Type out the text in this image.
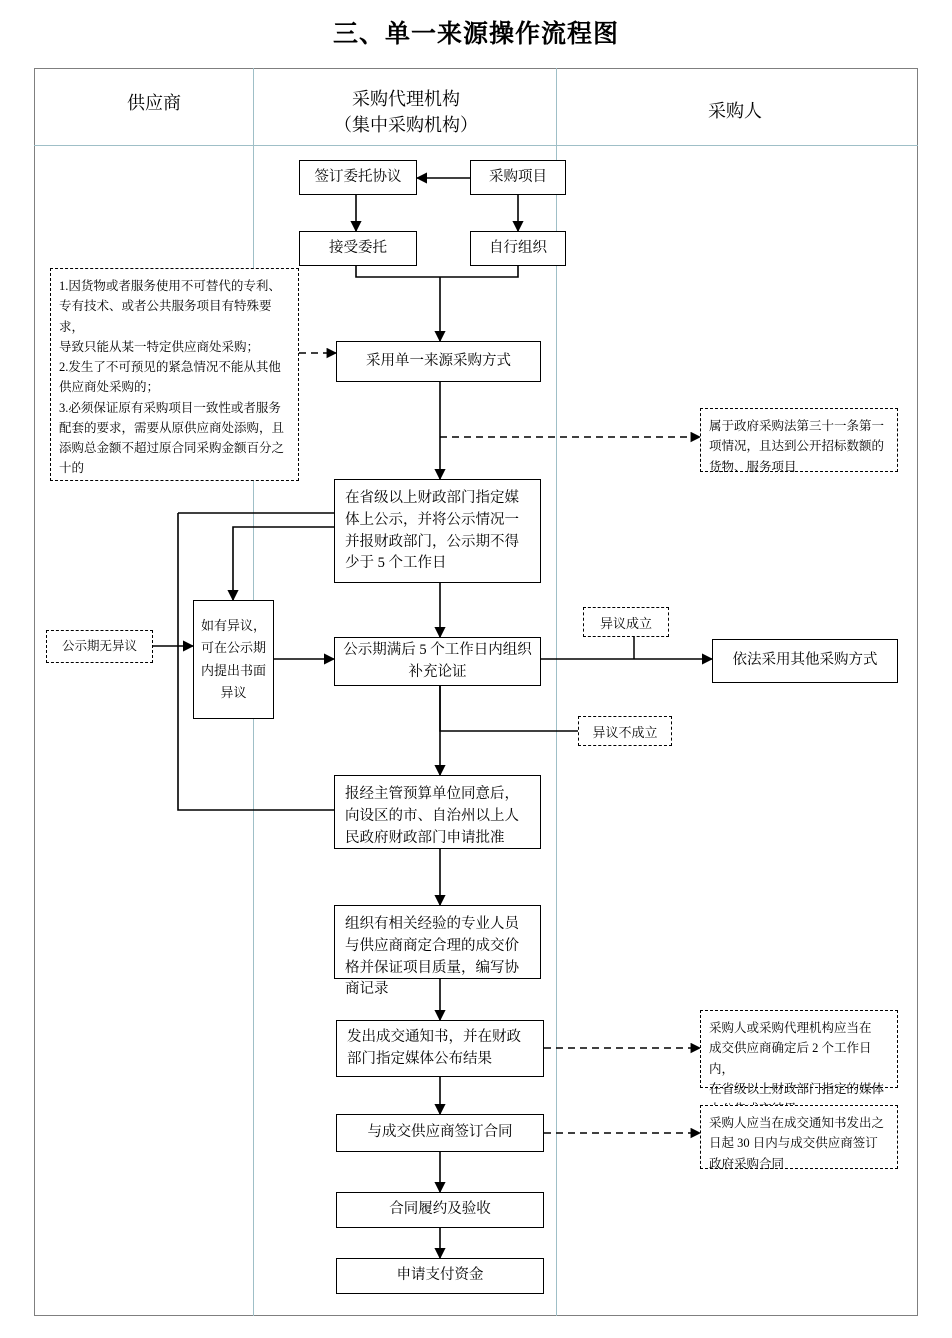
三、单一来源操作流程图
供应商	采购代理机构
（集中采购机构）
采购人
签订委托协议	采购项目
接受委托	自行组织
采用单一来源采购方式
在省级以上财政部门指定媒体上公示，并将公示情况一并报财政部门，公示期不得少于 5 个工作日
如有异议，可在公示期内提出书面异议
公示期满后 5 个工作日内组织补充论证
依法采用其他采购方式
报经主管预算单位同意后，向设区的市、自治州以上人民政府财政部门申请批准
组织有相关经验的专业人员与供应商商定合理的成交价格并保证项目质量，编写协商记录
发出成交通知书，并在财政部门指定媒体公布结果
与成交供应商签订合同
合同履约及验收
申请支付资金
1.因货物或者服务使用不可替代的专利、
专有技术、或者公共服务项目有特殊要求，
导致只能从某一特定供应商处采购；
2.发生了不可预见的紧急情况不能从其他
供应商处采购的；
3.必须保证原有采购项目一致性或者服务
配套的要求，需要从原供应商处添购，且
添购总金额不超过原合同采购金额百分之
十的
属于政府采购法第三十一条第一
项情况，且达到公开招标数额的
货物、服务项目
公示期无异议
异议成立
异议不成立
采购人或采购代理机构应当在
成交供应商确定后 2 个工作日内，
在省级以上财政部门指定的媒体
采购人应当在成交通知书发出之
日起 30 日内与成交供应商签订
政府采购合同
